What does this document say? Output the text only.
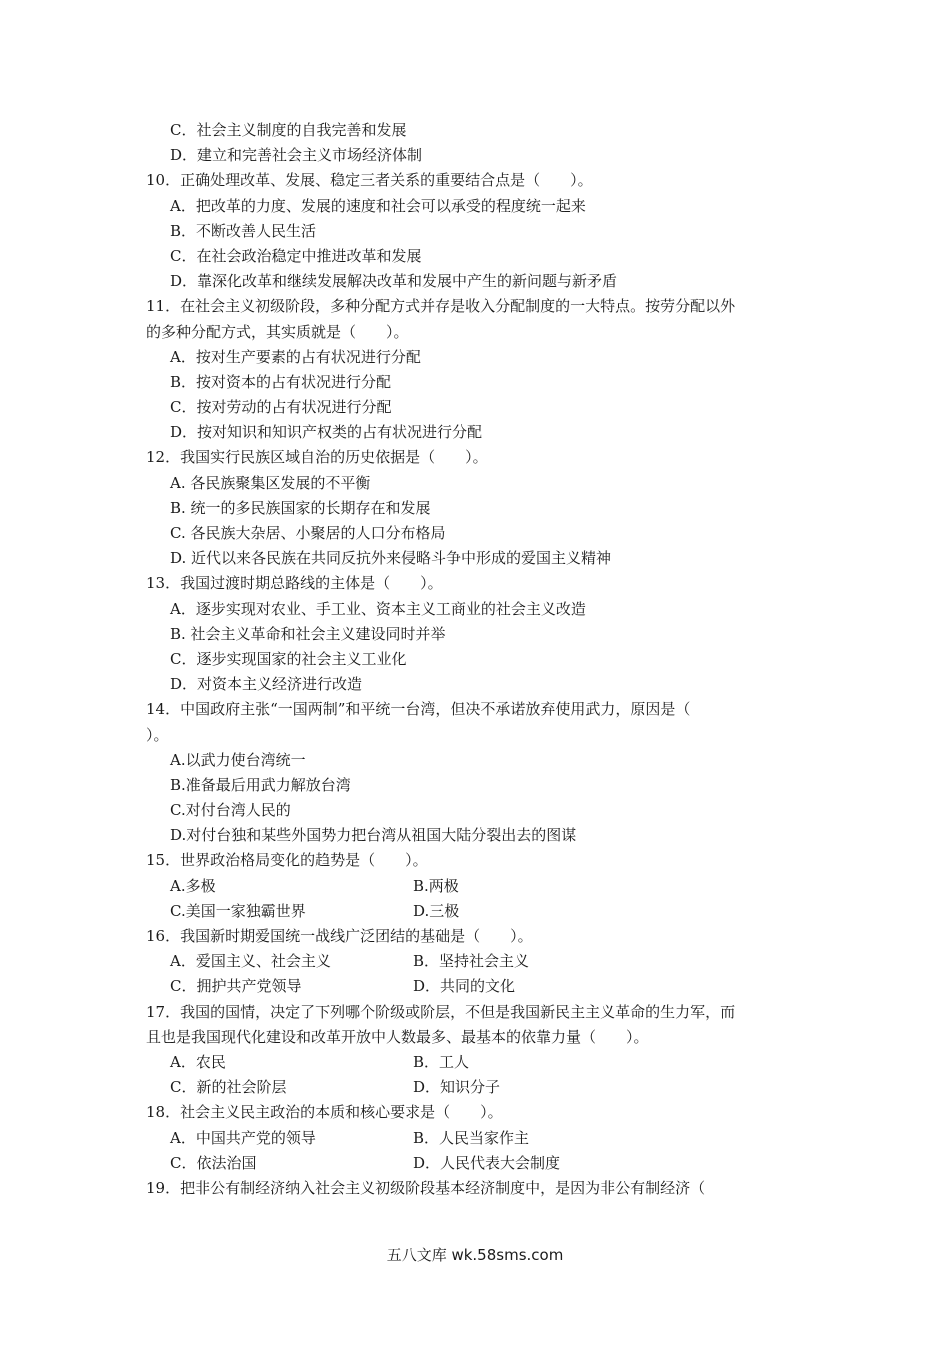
C．社会主义制度的自我完善和发展
D．建立和完善社会主义市场经济体制
10．正确处理改革、发展、稳定三者关系的重要结合点是（　　）。
A．把改革的力度、发展的速度和社会可以承受的程度统一起来
B．不断改善人民生活
C．在社会政治稳定中推进改革和发展
D．靠深化改革和继续发展解决改革和发展中产生的新问题与新矛盾
11．在社会主义初级阶段，多种分配方式并存是收入分配制度的一大特点。按劳分配以外
的多种分配方式，其实质就是（　　）。
A．按对生产要素的占有状况进行分配
B．按对资本的占有状况进行分配
C．按对劳动的占有状况进行分配
D．按对知识和知识产权类的占有状况进行分配
12．我国实行民族区域自治的历史依据是（　　）。
A. 各民族聚集区发展的不平衡
B. 统一的多民族国家的长期存在和发展
C. 各民族大杂居、小聚居的人口分布格局
D. 近代以来各民族在共同反抗外来侵略斗争中形成的爱国主义精神
13．我国过渡时期总路线的主体是（　　）。
A．逐步实现对农业、手工业、资本主义工商业的社会主义改造
B. 社会主义革命和社会主义建设同时并举
C．逐步实现国家的社会主义工业化
D．对资本主义经济进行改造
14．中国政府主张“一国两制”和平统一台湾，但决不承诺放弃使用武力，原因是（
）。
A.以武力使台湾统一
B.准备最后用武力解放台湾
C.对付台湾人民的
D.对付台独和某些外国势力把台湾从祖国大陆分裂出去的图谋
15．世界政治格局变化的趋势是（　　）。
A.多极	B.两极
C.美国一家独霸世界	D.三极
16．我国新时期爱国统一战线广泛团结的基础是（　　）。
A．爱国主义、社会主义	B．坚持社会主义
C．拥护共产党领导	D．共同的文化
17．我国的国情，决定了下列哪个阶级或阶层，不但是我国新民主主义革命的生力军，而
且也是我国现代化建设和改革开放中人数最多、最基本的依靠力量（　　）。
A．农民	B．工人
C．新的社会阶层	D．知识分子
18．社会主义民主政治的本质和核心要求是（　　）。
A．中国共产党的领导	B．人民当家作主
C．依法治国	D．人民代表大会制度
19．把非公有制经济纳入社会主义初级阶段基本经济制度中，是因为非公有制经济（
五八文库 wk.58sms.com
